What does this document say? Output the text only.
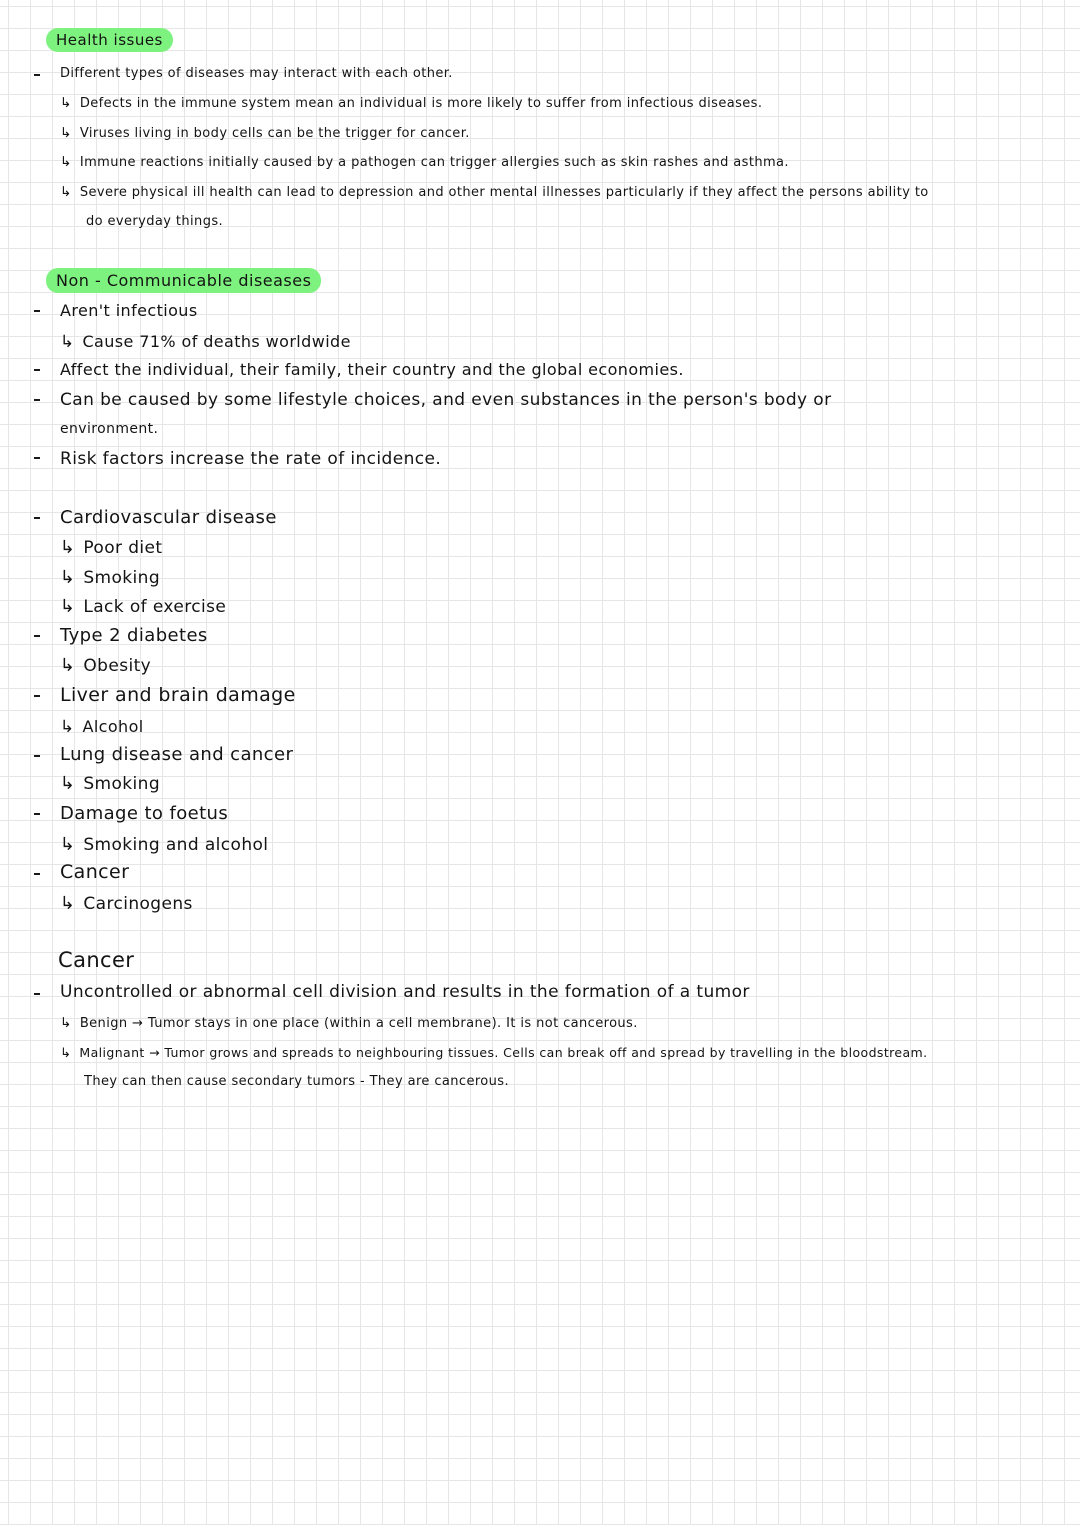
Health issues
Different types of diseases may interact with each other.
↳ Defects in the immune system mean an individual is more likely to suffer from infectious diseases.
↳ Viruses living in body cells can be the trigger for cancer.
↳ Immune reactions initially caused by a pathogen can trigger allergies such as skin rashes and asthma.
↳ Severe physical ill health can lead to depression and other mental illnesses particularly if they affect the persons ability to
do everyday things.
Non - Communicable diseases
Aren't infectious
↳ Cause 71% of deaths worldwide
Affect the individual, their family, their country and the global economies.
Can be caused by some lifestyle choices, and even substances in the person's body or
environment.
Risk factors increase the rate of incidence.
Cardiovascular disease
↳ Poor diet
↳ Smoking
↳ Lack of exercise
Type 2 diabetes
↳ Obesity
Liver and brain damage
↳ Alcohol
Lung disease and cancer
↳ Smoking
Damage to foetus
↳ Smoking and alcohol
Cancer
↳ Carcinogens
Cancer
Uncontrolled or abnormal cell division and results in the formation of a tumor
↳ Benign → Tumor stays in one place (within a cell membrane). It is not cancerous.
↳ Malignant → Tumor grows and spreads to neighbouring tissues. Cells can break off and spread by travelling in the bloodstream.
They can then cause secondary tumors - They are cancerous.
